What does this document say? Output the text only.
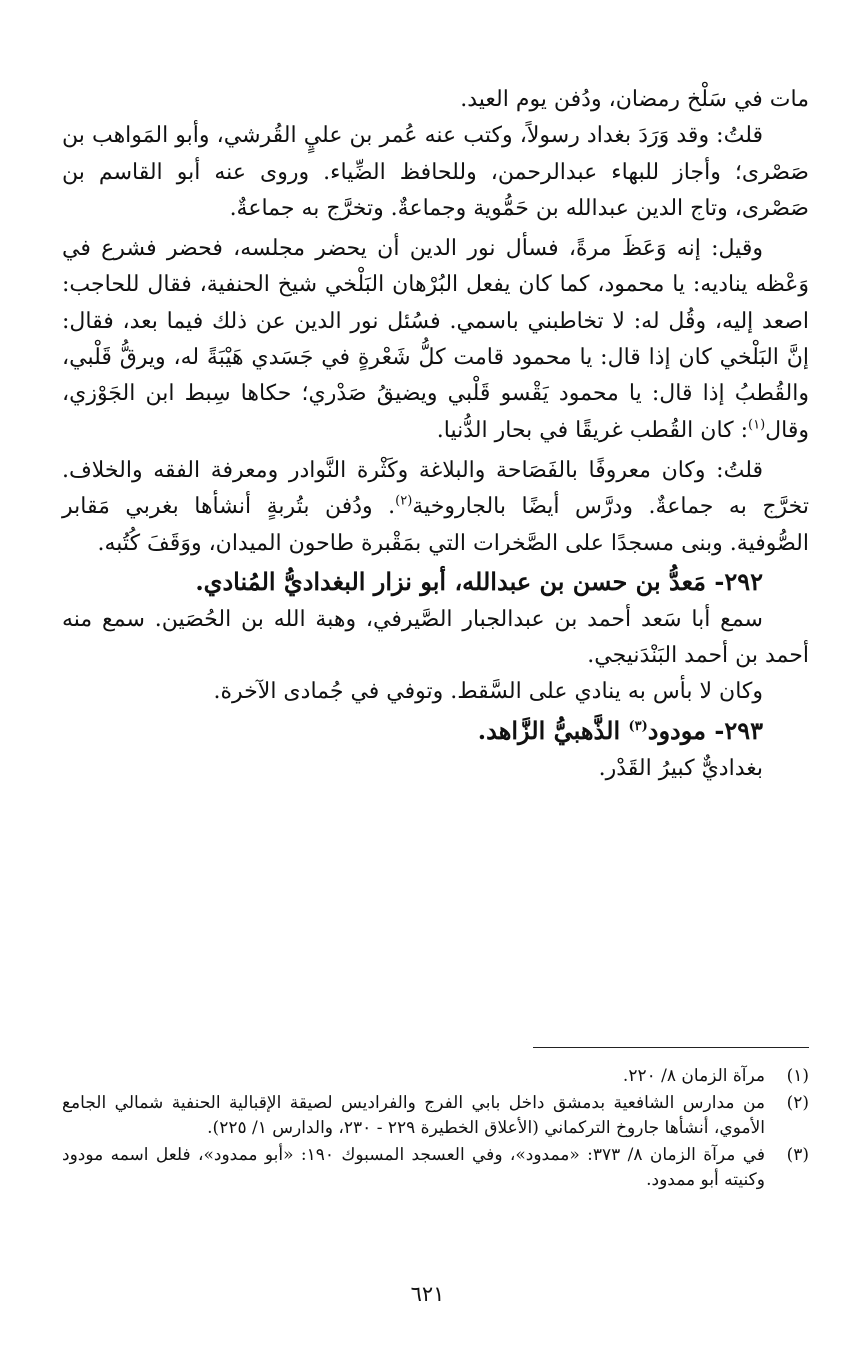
مات في سَلْخ رمضان، ودُفن يوم العيد.

قلتُ: وقد وَرَدَ بغداد رسولاً، وكتب عنه عُمر بن عليٍ القُرشي، وأبو المَواهب بن صَصْرى؛ وأجاز للبهاء عبدالرحمن، وللحافظ الضِّياء. وروى عنه أبو القاسم بن صَصْرى، وتاج الدين عبدالله بن حَمُّوية وجماعةٌ. وتخرَّج به جماعةٌ.

وقيل: إنه وَعَظَ مرةً، فسأل نور الدين أن يحضر مجلسه، فحضر فشرع في وَعْظه يناديه: يا محمود، كما كان يفعل البُرْهان البَلْخي شيخ الحنفية، فقال للحاجب: اصعد إليه، وقُل له: لا تخاطبني باسمي. فسُئل نور الدين عن ذلك فيما بعد، فقال: إنَّ البَلْخي كان إذا قال: يا محمود قامت كلُّ شَعْرةٍ في جَسَدي هَيْبَةً له، ويرقُّ قَلْبي، والقُطبُ إذا قال: يا محمود يَقْسو قَلْبي ويضيقُ صَدْري؛ حكاها سِبط ابن الجَوْزي، وقال$^{(١)}$: كان القُطب غريقًا في بحار الدُّنيا.

قلتُ: وكان معروفًا بالفَصَاحة والبلاغة وكَثْرة النَّوادر ومعرفة الفقه والخلاف. تخرَّج به جماعةٌ. ودرَّس أيضًا بالجاروخية$^{(٢)}$. ودُفن بتُربةٍ أنشأها بغربي مَقابر الصُّوفية. وبنى مسجدًا على الصَّخرات التي بمَقْبرة طاحون الميدان، ووَقَفَ كُتُبه.

٢٩٢- مَعدُّ بن حسن بن عبدالله، أبو نزار البغداديُّ المُنادي.

سمع أبا سَعد أحمد بن عبدالجبار الصَّيرفي، وهبة الله بن الحُصَين. سمع منه أحمد بن أحمد البَنْدَنيجي.

وكان لا بأس به ينادي على السَّقط. وتوفي في جُمادى الآخرة.

٢٩٣- مودود$^{(٣)}$ الذَّهبيُّ الزَّاهد.

بغداديٌّ كبيرُ القَدْر.

(١)
مرآة الزمان ٨/ ٢٢٠.
(٢)
من مدارس الشافعية بدمشق داخل بابي الفرج والفراديس لصيقة الإقبالية الحنفية شمالي الجامع الأموي، أنشأها جاروخ التركماني (الأعلاق الخطيرة ٢٢٩ - ٢٣٠، والدارس ١/ ٢٢٥).
(٣)
في مرآة الزمان ٨/ ٣٧٣: «ممدود»، وفي العسجد المسبوك ١٩٠: «أبو ممدود»، فلعل اسمه مودود وكنيته أبو ممدود.
٦٢١
